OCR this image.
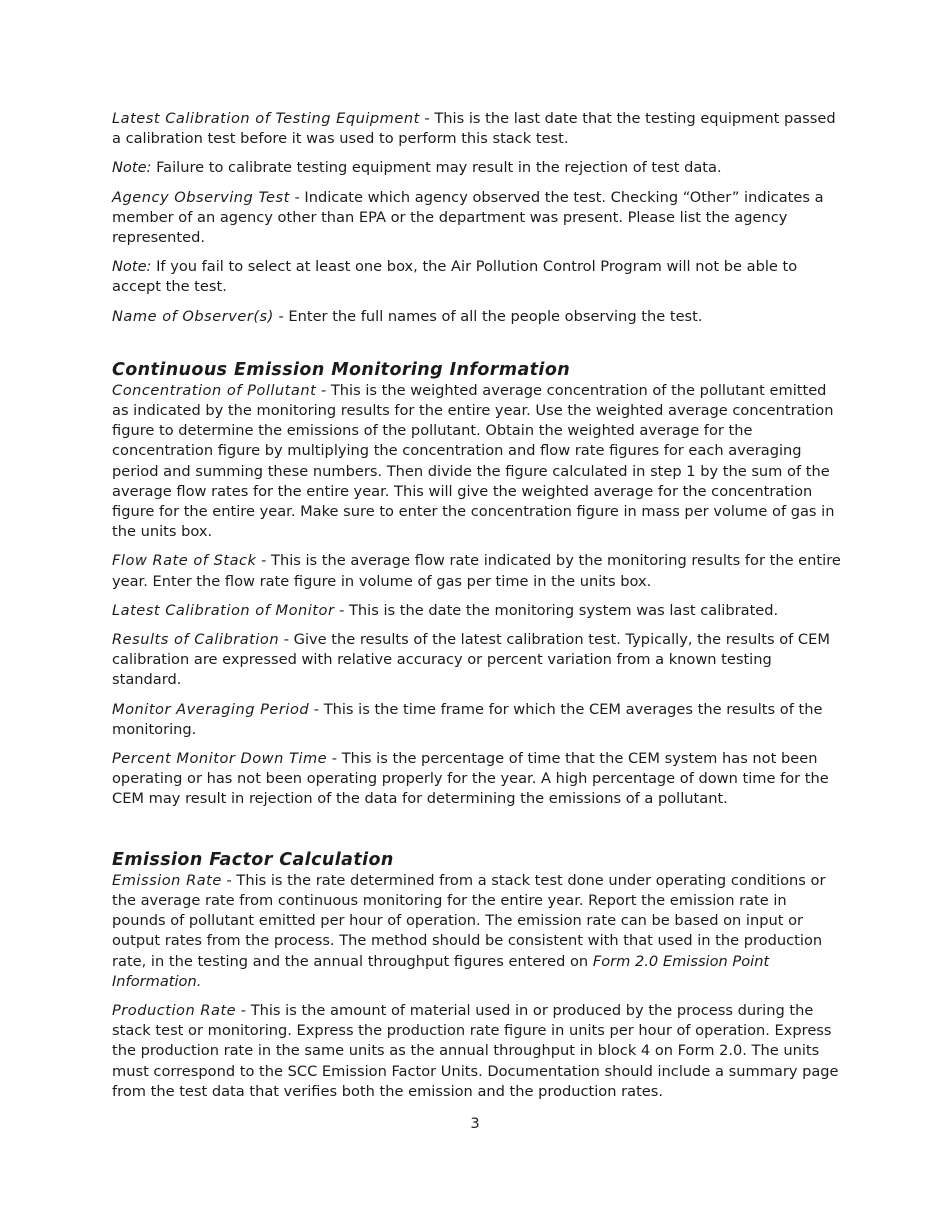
Latest Calibration of Testing Equipment - This is the last date that the testing equipment passed a calibration test before it was used to perform this stack test.

Note: Failure to calibrate testing equipment may result in the rejection of test data.

Agency Observing Test - Indicate which agency observed the test. Checking “Other” indicates a member of an agency other than EPA or the department was present. Please list the agency represented.

Note: If you fail to select at least one box, the Air Pollution Control Program will not be able to accept the test.

Name of Observer(s) - Enter the full names of all the people observing the test.

Continuous Emission Monitoring Information

Concentration of Pollutant - This is the weighted average concentration of the pollutant emitted as indicated by the monitoring results for the entire year. Use the weighted average concentration figure to determine the emissions of the pollutant. Obtain the weighted average for the concentration figure by multiplying the concentration and flow rate figures for each averaging period and summing these numbers. Then divide the figure calculated in step 1 by the sum of the average flow rates for the entire year. This will give the weighted average for the concentration figure for the entire year. Make sure to enter the concentration figure in mass per volume of gas in the units box.

Flow Rate of Stack - This is the average flow rate indicated by the monitoring results for the entire year. Enter the flow rate figure in volume of gas per time in the units box.

Latest Calibration of Monitor - This is the date the monitoring system was last calibrated.

Results of Calibration - Give the results of the latest calibration test. Typically, the results of CEM calibration are expressed with relative accuracy or percent variation from a known testing standard.

Monitor Averaging Period - This is the time frame for which the CEM averages the results of the monitoring.

Percent Monitor Down Time - This is the percentage of time that the CEM system has not been operating or has not been operating properly for the year. A high percentage of down time for the CEM may result in rejection of the data for determining the emissions of a pollutant.

Emission Factor Calculation

Emission Rate - This is the rate determined from a stack test done under operating conditions or the average rate from continuous monitoring for the entire year. Report the emission rate in pounds of pollutant emitted per hour of operation. The emission rate can be based on input or output rates from the process. The method should be consistent with that used in the production rate, in the testing and the annual throughput figures entered on Form 2.0 Emission Point Information.

Production Rate - This is the amount of material used in or produced by the process during the stack test or monitoring. Express the production rate figure in units per hour of operation. Express the production rate in the same units as the annual throughput in block 4 on Form 2.0. The units must correspond to the SCC Emission Factor Units. Documentation should include a summary page from the test data that verifies both the emission and the production rates.

3
